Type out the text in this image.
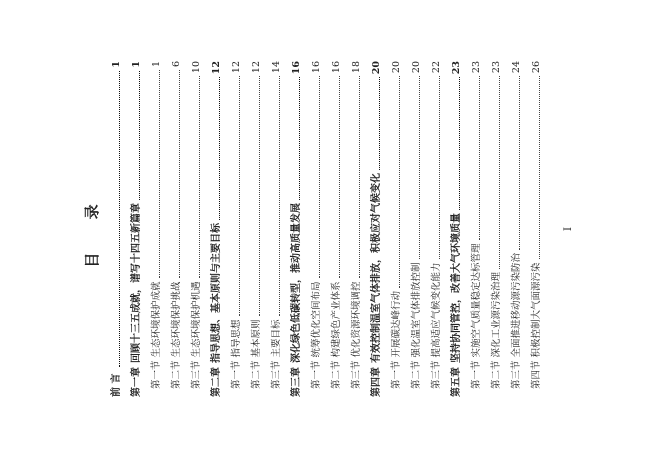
目 录
前 言
1
第一章
回顾十三五成就，谱写十四五新篇章
1
第一节 生态环境保护成就
1
第二节 生态环境保护挑战
6
第三节 生态环境保护机遇
10
第二章
指导思想、基本原则与主要目标
12
第一节 指导思想
12
第二节 基本原则
12
第三节 主要目标
14
第三章
深化绿色低碳转型，推动高质量发展
16
第一节 统筹优化空间布局
16
第二节 构建绿色产业体系
16
第三节 优化资源环境调控
18
第四章
有效控制温室气体排放，积极应对气候变化
20
第一节 开展碳达峰行动
20
第二节 强化温室气体排放控制
20
第三节 提高适应气候变化能力
22
第五章
坚持协同管控，改善大气环境质量
23
第一节 实施空气质量稳定达标管理
23
第二节 深化工业源污染治理
23
第三节 全面推进移动源污染防治
24
第四节 积极控制大气面源污染
26
I
